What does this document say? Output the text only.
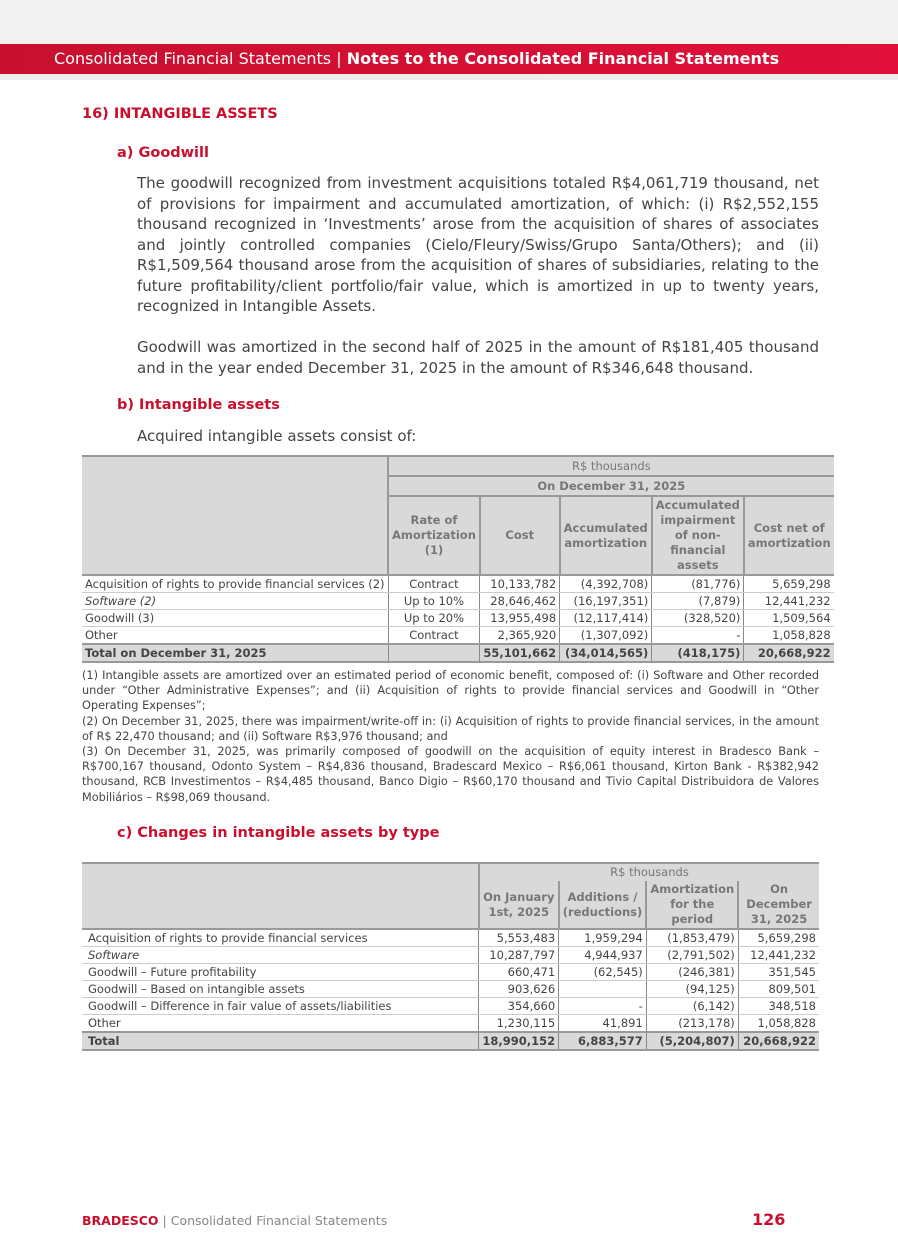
Consolidated Financial Statements | Notes to the Consolidated Financial Statements
16) INTANGIBLE ASSETS
a) Goodwill
The goodwill recognized from investment acquisitions totaled R$4,061,719 thousand, net of provisions for impairment and accumulated amortization, of which: (i) R$2,552,155 thousand recognized in ‘Investments’ arose from the acquisition of shares of associates and jointly controlled companies (Cielo/Fleury/Swiss/Grupo Santa/Others); and (ii) R$1,509,564 thousand arose from the acquisition of shares of subsidiaries, relating to the future profitability/client portfolio/fair value, which is amortized in up to twenty years, recognized in Intangible Assets.
Goodwill was amortized in the second half of 2025 in the amount of R$181,405 thousand and in the year ended December 31, 2025 in the amount of R$346,648 thousand.
b) Intangible assets
Acquired intangible assets consist of:
	R$ thousands				
	On December 31, 2025				
	Rate of Amortization (1)	Cost	Accumulated amortization	Accumulated impairment of non-financial assets	Cost net of amortization
Acquisition of rights to provide financial services (2)	Contract	10,133,782	(4,392,708)	(81,776)	5,659,298
Software (2)	Up to 10%	28,646,462	(16,197,351)	(7,879)	12,441,232
Goodwill (3)	Up to 20%	13,955,498	(12,117,414)	(328,520)	1,509,564
Other	Contract	2,365,920	(1,307,092)	-	1,058,828
Total on December 31, 2025		55,101,662	(34,014,565)	(418,175)	20,668,922
(1) Intangible assets are amortized over an estimated period of economic benefit, composed of: (i) Software and Other recorded under “Other Administrative Expenses”; and (ii) Acquisition of rights to provide financial services and Goodwill in “Other Operating Expenses”;
(2) On December 31, 2025, there was impairment/write-off in: (i) Acquisition of rights to provide financial services, in the amount of R$ 22,470 thousand; and (ii) Software R$3,976 thousand; and
(3) On December 31, 2025, was primarily composed of goodwill on the acquisition of equity interest in Bradesco Bank – R$700,167 thousand, Odonto System – R$4,836 thousand, Bradescard Mexico – R$6,061 thousand, Kirton Bank - R$382,942 thousand, RCB Investimentos – R$4,485 thousand, Banco Digio – R$60,170 thousand and Tivio Capital Distribuidora de Valores Mobiliários – R$98,069 thousand.
c) Changes in intangible assets by type
	R$ thousands			
	On January 1st, 2025	Additions / (reductions)	Amortization for the period	On December 31, 2025
Acquisition of rights to provide financial services	5,553,483	1,959,294	(1,853,479)	5,659,298
Software	10,287,797	4,944,937	(2,791,502)	12,441,232
Goodwill – Future profitability	660,471	(62,545)	(246,381)	351,545
Goodwill – Based on intangible assets	903,626		(94,125)	809,501
Goodwill – Difference in fair value of assets/liabilities	354,660	-	(6,142)	348,518
Other	1,230,115	41,891	(213,178)	1,058,828
Total	18,990,152	6,883,577	(5,204,807)	20,668,922
BRADESCO | Consolidated Financial Statements	126
